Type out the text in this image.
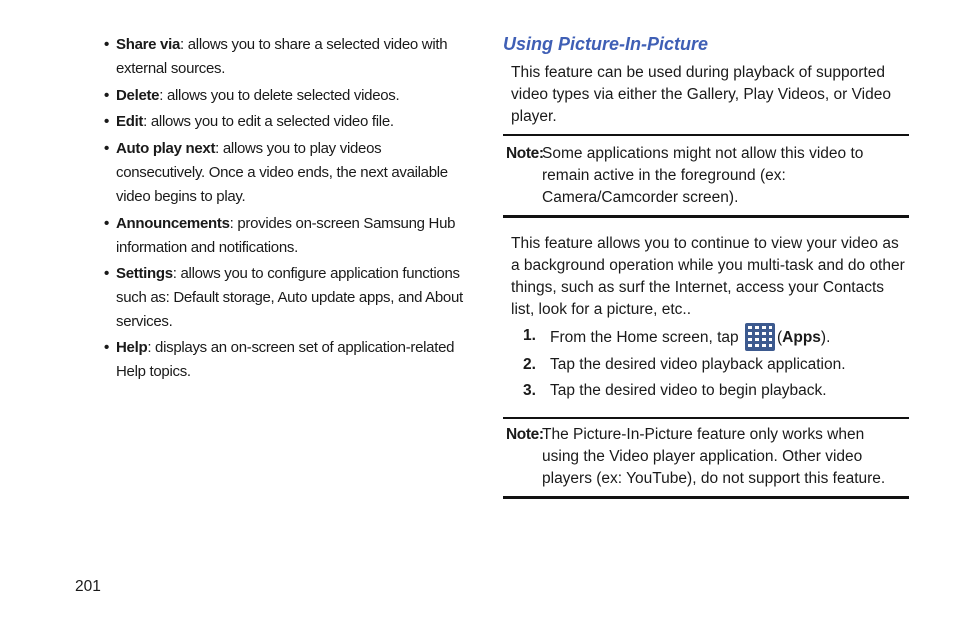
• Share via: allows you to share a selected video with external sources.

• Delete: allows you to delete selected videos.

• Edit: allows you to edit a selected video file.

• Auto play next: allows you to play videos consecutively. Once a video ends, the next available video begins to play.

• Announcements: provides on-screen Samsung Hub information and notifications.

• Settings: allows you to configure application functions such as: Default storage, Auto update apps, and About services.

• Help: displays an on-screen set of application-related Help topics.

Using Picture-In-Picture

This feature can be used during playback of supported video types via either the Gallery, Play Videos, or Video player.

Note:
Some applications might not allow this video to remain active in the foreground (ex: Camera/Camcorder screen).

This feature allows you to continue to view your video as a background operation while you multi-task and do other things, such as surf the Internet, access your Contacts list, look for a picture, etc..

1. From the Home screen, tap (Apps).
2. Tap the desired video playback application.
3. Tap the desired video to begin playback.

Note:
The Picture-In-Picture feature only works when using the Video player application. Other video players (ex: YouTube), do not support this feature.

201
